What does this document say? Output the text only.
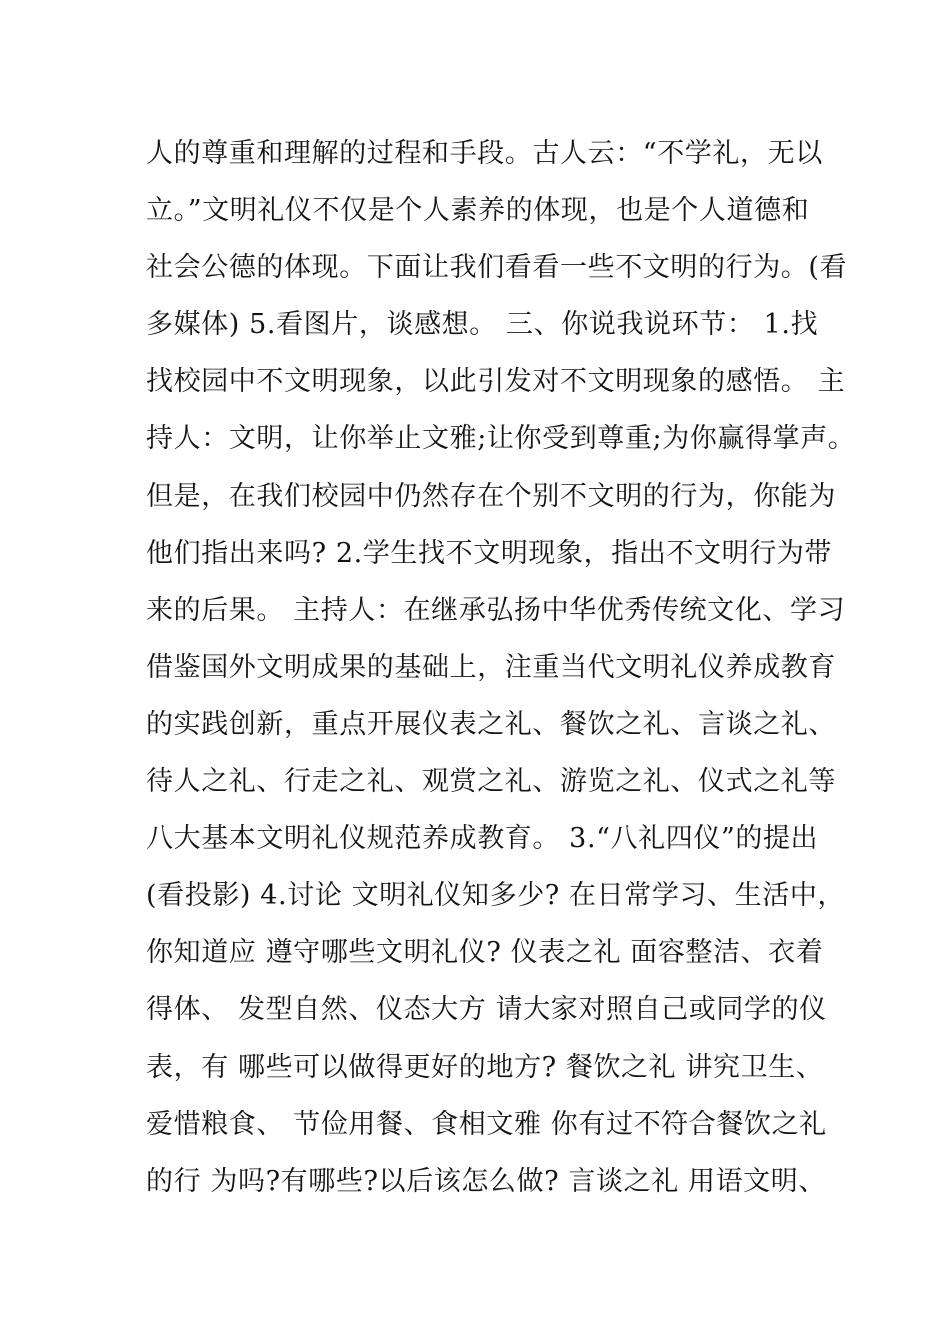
人的尊重和理解的过程和手段。古人云：“不学礼，无以
立。”文明礼仪不仅是个人素养的体现，也是个人道德和
社会公德的体现。下面让我们看看一些不文明的行为。(看
多媒体) 5.看图片，谈感想。 三、你说我说环节： 1.找
找校园中不文明现象，以此引发对不文明现象的感悟。 主
持人：文明，让你举止文雅;让你受到尊重;为你赢得掌声。
但是，在我们校园中仍然存在个别不文明的行为，你能为
他们指出来吗? 2.学生找不文明现象，指出不文明行为带
来的后果。 主持人：在继承弘扬中华优秀传统文化、学习
借鉴国外文明成果的基础上，注重当代文明礼仪养成教育
的实践创新，重点开展仪表之礼、餐饮之礼、言谈之礼、
待人之礼、行走之礼、观赏之礼、游览之礼、仪式之礼等
八大基本文明礼仪规范养成教育。 3.“八礼四仪”的提出
(看投影) 4.讨论 文明礼仪知多少? 在日常学习、生活中，
你知道应 遵守哪些文明礼仪? 仪表之礼 面容整洁、衣着
得体、 发型自然、仪态大方 请大家对照自己或同学的仪
表，有 哪些可以做得更好的地方? 餐饮之礼 讲究卫生、
爱惜粮食、 节俭用餐、食相文雅 你有过不符合餐饮之礼
的行 为吗?有哪些?以后该怎么做? 言谈之礼 用语文明、
